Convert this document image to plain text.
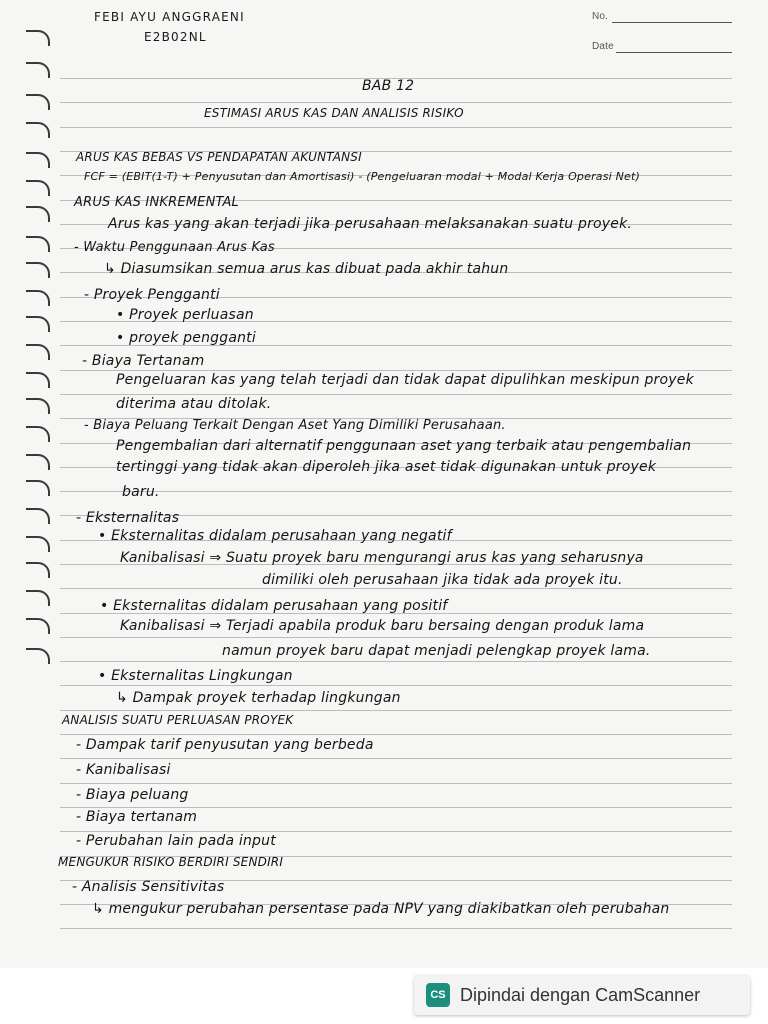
FEBI AYU ANGGRAENI
E2B02NL
No.
Date
BAB 12
ESTIMASI ARUS KAS DAN ANALISIS RISIKO
ARUS KAS BEBAS VS PENDAPATAN AKUNTANSI
FCF = (EBIT(1-T) + Penyusutan dan Amortisasi) - (Pengeluaran modal + Modal Kerja Operasi Net)
ARUS KAS INKREMENTAL
Arus kas yang akan terjadi jika perusahaan melaksanakan suatu proyek.
- Waktu Penggunaan Arus Kas
↳ Diasumsikan semua arus kas dibuat pada akhir tahun
- Proyek Pengganti
• Proyek perluasan
• proyek pengganti
- Biaya Tertanam
Pengeluaran kas yang telah terjadi dan tidak dapat dipulihkan meskipun proyek
diterima atau ditolak.
- Biaya Peluang Terkait Dengan Aset Yang Dimiliki Perusahaan.
Pengembalian dari alternatif penggunaan aset yang terbaik atau pengembalian
tertinggi yang tidak akan diperoleh jika aset tidak digunakan untuk proyek
baru.
- Eksternalitas
• Eksternalitas didalam perusahaan yang negatif
Kanibalisasi ⇒ Suatu proyek baru mengurangi arus kas yang seharusnya
dimiliki oleh perusahaan jika tidak ada proyek itu.
• Eksternalitas didalam perusahaan yang positif
Kanibalisasi ⇒ Terjadi apabila produk baru bersaing dengan produk lama
namun proyek baru dapat menjadi pelengkap proyek lama.
• Eksternalitas Lingkungan
↳ Dampak proyek terhadap lingkungan
ANALISIS SUATU PERLUASAN PROYEK
- Dampak tarif penyusutan yang berbeda
- Kanibalisasi
- Biaya peluang
- Biaya tertanam
- Perubahan lain pada input
MENGUKUR RISIKO BERDIRI SENDIRI
- Analisis Sensitivitas
↳ mengukur perubahan persentase pada NPV yang diakibatkan oleh perubahan
CS Dipindai dengan CamScanner
